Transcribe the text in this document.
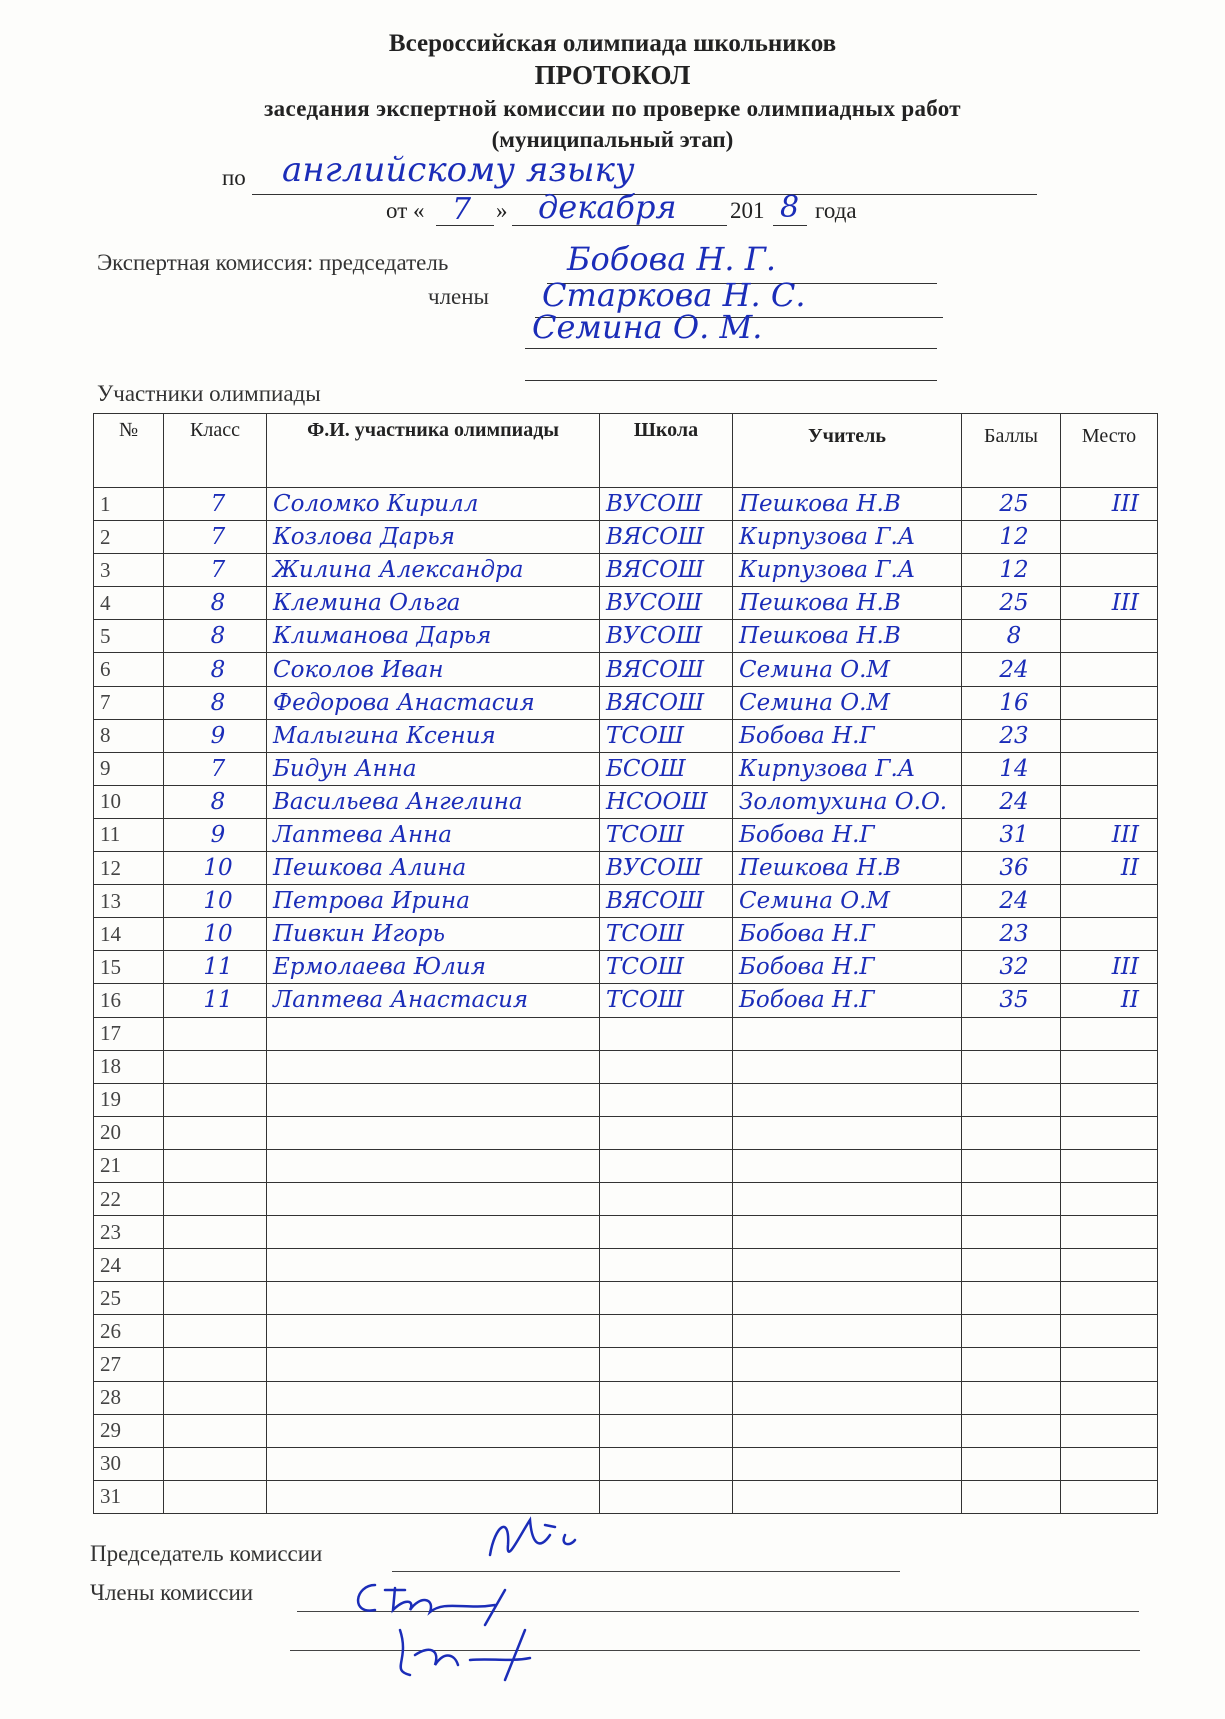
Всероссийская олимпиада школьников
ПРОТОКОЛ
заседания экспертной комиссии по проверке олимпиадных работ
(муниципальный этап)
по английскому языку
от « 7 » декабря 201 8 года
Экспертная комиссия: председатель	Бобова Н. Г.
члены Старкова Н. С.
Семина О. М.
Участники олимпиады
№	Класс	Ф.И. участника олимпиады	Школа	Учитель	Баллы	Место
1	7	Соломко Кирилл	ВУСОШ	Пешкова Н.В	25	III
2	7	Козлова Дарья	ВЯСОШ	Кирпузова Г.А	12	
3	7	Жилина Александра	ВЯСОШ	Кирпузова Г.А	12	
4	8	Клемина Ольга	ВУСОШ	Пешкова Н.В	25	III
5	8	Климанова Дарья	ВУСОШ	Пешкова Н.В	8	
6	8	Соколов Иван	ВЯСОШ	Семина О.М	24	
7	8	Федорова Анастасия	ВЯСОШ	Семина О.М	16	
8	9	Малыгина Ксения	ТСОШ	Бобова Н.Г	23	
9	7	Бидун Анна	БСОШ	Кирпузова Г.А	14	
10	8	Васильева Ангелина	НСООШ	Золотухина О.О.	24	
11	9	Лаптева Анна	ТСОШ	Бобова Н.Г	31	III
12	10	Пешкова Алина	ВУСОШ	Пешкова Н.В	36	II
13	10	Петрова Ирина	ВЯСОШ	Семина О.М	24	
14	10	Пивкин Игорь	ТСОШ	Бобова Н.Г	23	
15	11	Ермолаева Юлия	ТСОШ	Бобова Н.Г	32	III
16	11	Лаптева Анастасия	ТСОШ	Бобова Н.Г	35	II
17						
18						
19						
20						
21						
22						
23						
24						
25						
26						
27						
28						
29						
30						
31						
Председатель комиссии
Члены комиссии
